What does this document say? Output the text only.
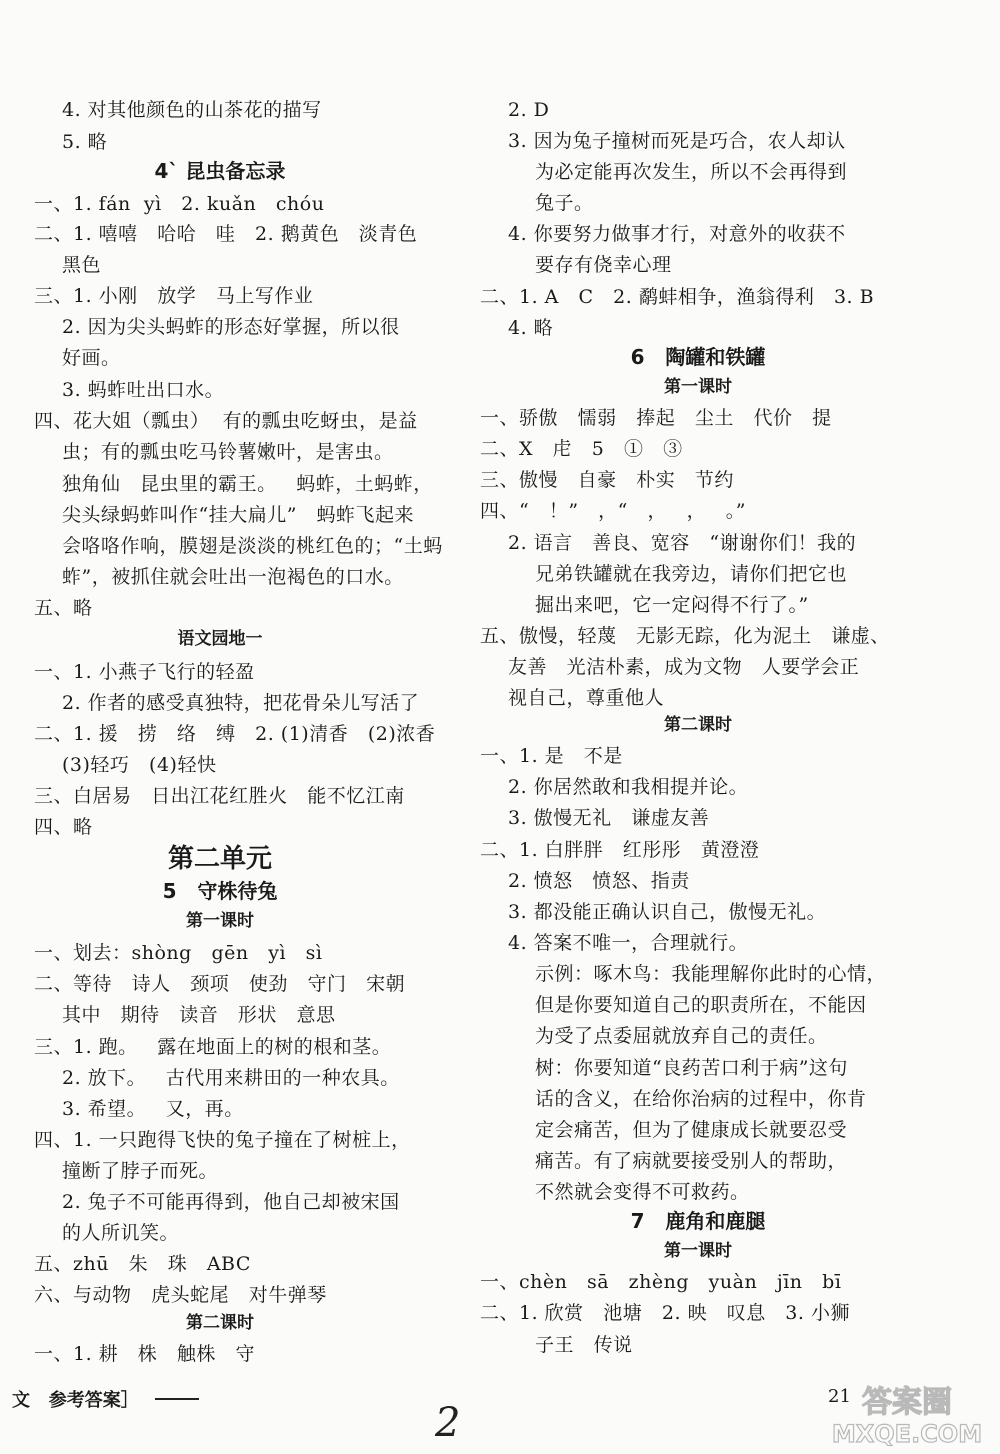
4. 对其他颜色的山茶花的描写
5. 略
4` 昆虫备忘录
一、1. fán  yì   2. kuǎn   chóu
二、1. 嘻嘻   哈哈   哇   2. 鹅黄色   淡青色
黑色
三、1. 小刚   放学   马上写作业
2. 因为尖头蚂蚱的形态好掌握，所以很
好画。
3. 蚂蚱吐出口水。
四、花大姐（瓢虫）  有的瓢虫吃蚜虫，是益
虫；有的瓢虫吃马铃薯嫩叶，是害虫。
独角仙   昆虫里的霸王。   蚂蚱，土蚂蚱，
尖头绿蚂蚱叫作“挂大扁儿”   蚂蚱飞起来
会咯咯作响，膜翅是淡淡的桃红色的；“土蚂
蚱”，被抓住就会吐出一泡褐色的口水。
五、略
语文园地一
一、1. 小燕子飞行的轻盈
2. 作者的感受真独特，把花骨朵儿写活了
二、1. 援   捞   络   缚   2. (1)清香   (2)浓香
(3)轻巧   (4)轻快
三、白居易   日出江花红胜火   能不忆江南
四、略
第二单元
5   守株待兔
第一课时
一、划去：shòng   gēn   yì   sì
二、等待   诗人   颈项   使劲   守门   宋朝
其中   期待   读音   形状   意思
三、1. 跑。   露在地面上的树的根和茎。
2. 放下。   古代用来耕田的一种农具。
3. 希望。   又，再。
四、1. 一只跑得飞快的兔子撞在了树桩上，
撞断了脖子而死。
2. 兔子不可能再得到，他自己却被宋国
的人所讥笑。
五、zhū   朱   珠   ABC
六、与动物   虎头蛇尾   对牛弹琴
第二课时
一、1. 耕   株   触株   守
2. D
3. 因为兔子撞树而死是巧合，农人却认
为必定能再次发生，所以不会再得到
兔子。
4. 你要努力做事才行，对意外的收获不
要存有侥幸心理
二、1. A   C   2. 鹬蚌相争，渔翁得利   3. B
4. 略
6   陶罐和铁罐
第一课时
一、骄傲   懦弱   捧起   尘土   代价   提
二、X   虍   5   ①   ③
三、傲慢   自豪   朴实   节约
四、“   ！”   ，“   ，   ，   。”
2. 语言   善良、宽容   “谢谢你们！我的
兄弟铁罐就在我旁边，请你们把它也
掘出来吧，它一定闷得不行了。”
五、傲慢，轻蔑   无影无踪，化为泥土   谦虚、
友善   光洁朴素，成为文物   人要学会正
视自己，尊重他人
第二课时
一、1. 是   不是
2. 你居然敢和我相提并论。
3. 傲慢无礼   谦虚友善
二、1. 白胖胖   红彤彤   黄澄澄
2. 愤怒   愤怒、指责
3. 都没能正确认识自己，傲慢无礼。
4. 答案不唯一，合理就行。
示例：啄木鸟：我能理解你此时的心情，
但是你要知道自己的职责所在，不能因
为受了点委屈就放弃自己的责任。
树：你要知道“良药苦口利于病”这句
话的含义，在给你治病的过程中，你肯
定会痛苦，但为了健康成长就要忍受
痛苦。有了病就要接受别人的帮助，
不然就会变得不可救药。
7   鹿角和鹿腿
第一课时
一、chèn   sā   zhèng   yuàn   jīn   bī
二、1. 欣赏   池塘   2. 映   叹息   3. 小狮
子王   传说
文   参考答案］	21
2	答案圈
MXQE.COM
